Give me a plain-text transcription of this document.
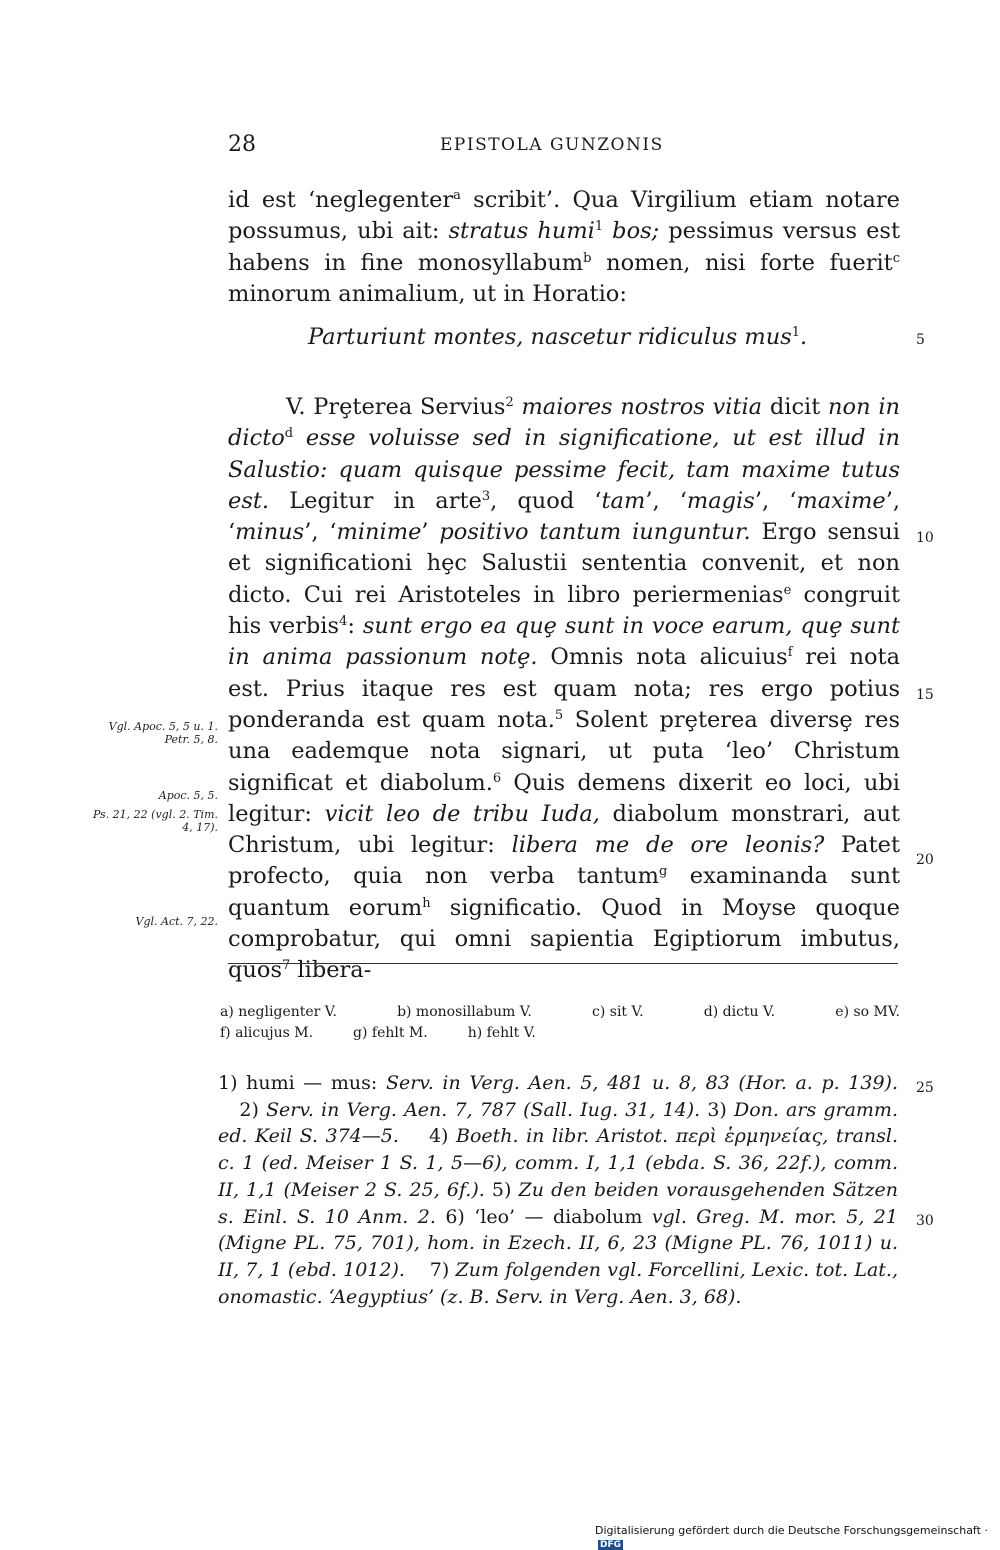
28	EPISTOLA GUNZONIS
id est ‘neglegenter$^a$ scribit’. Qua Virgilium etiam notare possumus, ubi ait: stratus humi$^1$ bos; pessimus versus est habens in fine monosyllabum$^b$ nomen, nisi forte fuerit$^c$ minorum animalium, ut in Horatio:
Parturiunt montes, nascetur ridiculus mus$^1$.
V. Prȩterea Servius$^2$ maiores nostros vitia dicit non in dicto$^d$ esse voluisse sed in significatione, ut est illud in Salustio: quam quisque pessime fecit, tam maxime tutus est. Legitur in arte$^3$, quod ‘tam’, ‘magis’, ‘maxime’, ‘minus’, ‘minime’ positivo tantum iunguntur. Ergo sensui et significationi hȩc Salustii sententia convenit, et non dicto. Cui rei Aristoteles in libro periermenias$^e$ congruit his verbis$^4$: sunt ergo ea quȩ sunt in voce earum, quȩ sunt in anima passionum notȩ. Omnis nota alicuius$^f$ rei nota est. Prius itaque res est quam nota; res ergo potius ponderanda est quam nota.$^5$ Solent prȩterea diversȩ res una eademque nota signari, ut puta ‘leo’ Christum significat et diabolum.$^6$ Quis demens dixerit eo loci, ubi legitur: vicit leo de tribu Iuda, diabolum monstrari, aut Christum, ubi legitur: libera me de ore leonis? Patet profecto, quia non verba tantum$^g$ examinanda sunt quantum eorum$^h$ significatio. Quod in Moyse quoque comprobatur, qui omni sapientia Egiptiorum imbutus, quos$^7$ libera-
5
10
15
20
25
30
Vgl. Apoc. 5, 5 u. 1. Petr. 5, 8.
Apoc. 5, 5.
Ps. 21, 22 (vgl. 2. Tim. 4, 17).
Vgl. Act. 7, 22.
a) negligenter V.	b) monosillabum V.	c) sit V.	d) dictu V.	e) so MV.
f) alicujus M.	g) fehlt M.	h) fehlt V.
1) humi — mus: Serv. in Verg. Aen. 5, 481 u. 8, 83 (Hor. a. p. 139).    2) Serv. in Verg. Aen. 7, 787 (Sall. Iug. 31, 14). 3) Don. ars gramm. ed. Keil S. 374—5.    4) Boeth. in libr. Aristot. περὶ ἑρμηνείας, transl. c. 1 (ed. Meiser 1 S. 1, 5—6), comm. I, 1,1 (ebda. S. 36, 22f.), comm. II, 1,1 (Meiser 2 S. 25, 6f.). 5) Zu den beiden vorausgehenden Sätzen s. Einl. S. 10 Anm. 2. 6) ‘leo’ — diabolum vgl. Greg. M. mor. 5, 21 (Migne PL. 75, 701), hom. in Ezech. II, 6, 23 (Migne PL. 76, 1011) u. II, 7, 1 (ebd. 1012).    7) Zum folgenden vgl. Forcellini, Lexic. tot. Lat., onomastic. ‘Aegyptius’ (z. B. Serv. in Verg. Aen. 3, 68).
Digitalisierung gefördert durch die Deutsche Forschungsgemeinschaft ·DFG
